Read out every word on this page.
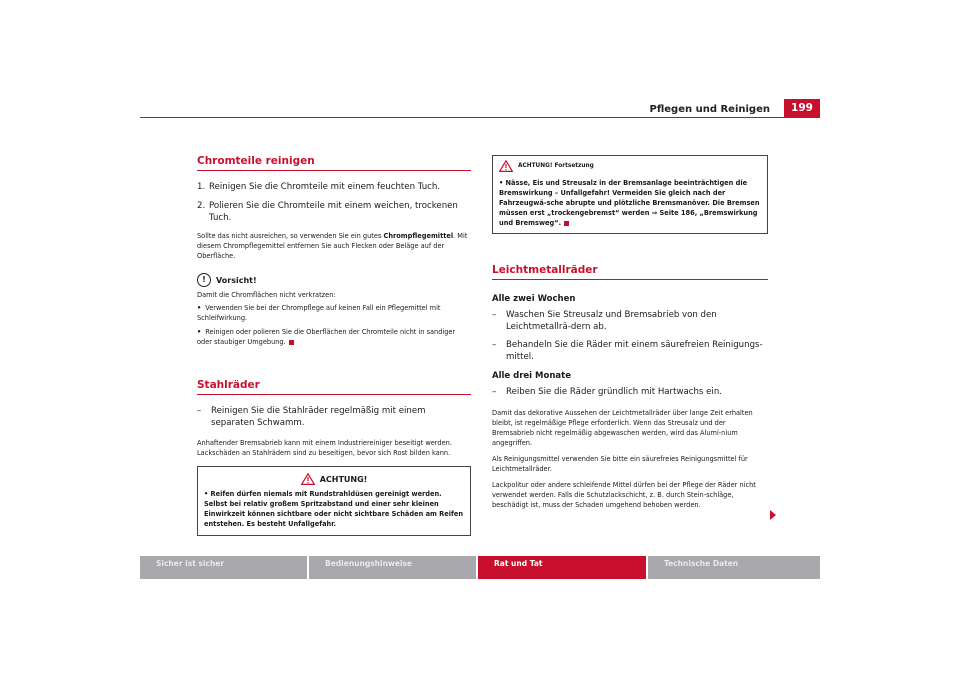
Pflegen und Reinigen	199
Chromteile reinigen
1. Reinigen Sie die Chromteile mit einem feuchten Tuch.
2. Polieren Sie die Chromteile mit einem weichen, trockenen Tuch.

Sollte das nicht ausreichen, so verwenden Sie ein gutes Chrompflegemittel. Mit diesem Chrompflegemittel entfernen Sie auch Flecken oder Beläge auf der Oberfläche.

!	Vorsicht!

Damit die Chromflächen nicht verkratzen:

• Verwenden Sie bei der Chrompflege auf keinen Fall ein Pflegemittel mit Schleifwirkung.

• Reinigen oder polieren Sie die Oberflächen der Chromteile nicht in sandiger oder staubiger Umgebung.

Stahlräder
–	Reinigen Sie die Stahlräder regelmäßig mit einem separaten Schwamm.

Anhaftender Bremsabrieb kann mit einem Industriereiniger beseitigt werden. Lackschäden an Stahlrädern sind zu beseitigen, bevor sich Rost bilden kann.

ACHTUNG!

• Reifen dürfen niemals mit Rundstrahldüsen gereinigt werden. Selbst bei relativ großem Spritzabstand und einer sehr kleinen Einwirkzeit können sichtbare oder nicht sichtbare Schäden am Reifen entstehen. Es besteht Unfallgefahr.

ACHTUNG! Fortsetzung

• Nässe, Eis und Streusalz in der Bremsanlage beeinträchtigen die Bremswirkung – Unfallgefahr! Vermeiden Sie gleich nach der Fahrzeugwä-sche abrupte und plötzliche Bremsmanöver. Die Bremsen müssen erst „trockengebremst“ werden ⇒ Seite 186, „Bremswirkung und Bremsweg“.

Leichtmetallräder

Alle zwei Wochen

–	Waschen Sie Streusalz und Bremsabrieb von den Leichtmetallrä-dern ab.
–	Behandeln Sie die Räder mit einem säurefreien Reinigungs-mittel.

Alle drei Monate

–	Reiben Sie die Räder gründlich mit Hartwachs ein.

Damit das dekorative Aussehen der Leichtmetallräder über lange Zeit erhalten bleibt, ist regelmäßige Pflege erforderlich. Wenn das Streusalz und der Bremsabrieb nicht regelmäßig abgewaschen werden, wird das Alumi-nium angegriffen.

Als Reinigungsmittel verwenden Sie bitte ein säurefreies Reinigungsmittel für Leichtmetallräder.

Lackpolitur oder andere schleifende Mittel dürfen bei der Pflege der Räder nicht verwendet werden. Falls die Schutzlackschicht, z. B. durch Stein-schläge, beschädigt ist, muss der Schaden umgehend behoben werden.

Sicher ist sicher	Bedienungshinweise	Rat und Tat	Technische Daten
